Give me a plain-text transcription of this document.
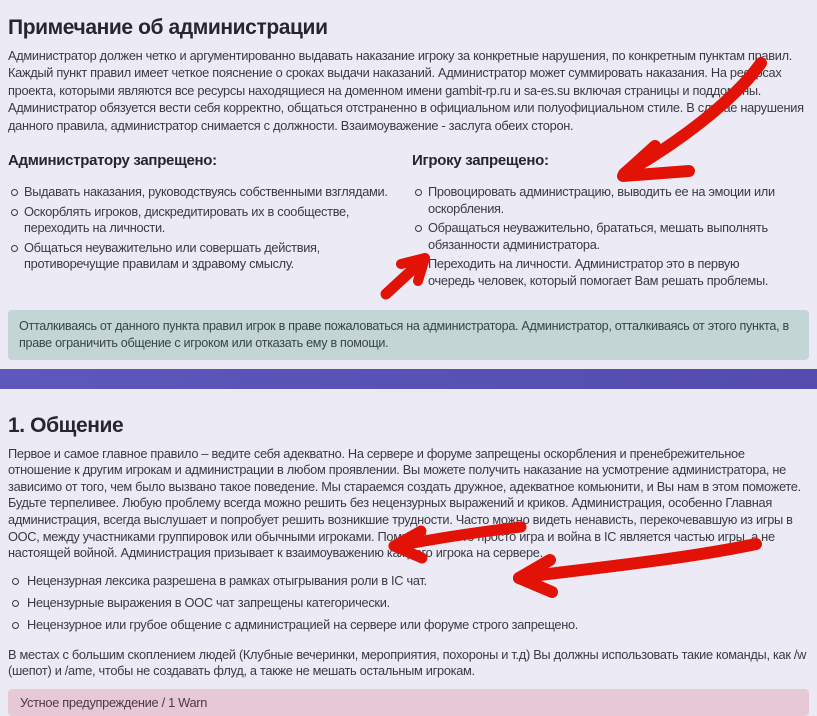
Примечание об администрации

Администратор должен четко и аргументированно выдавать наказание игроку за конкретные нарушения, по конкретным пунктам правил. Каждый пункт правил имеет четкое пояснение о сроках выдачи наказаний. Администратор может суммировать наказания. На ресурсах проекта, которыми являются все ресурсы находящиеся на доменном имени gambit-rp.ru и sa-es.su включая страницы и поддомены. Администратор обязуется вести себя корректно, общаться отстраненно в официальном или полуофициальном стиле. В случае нарушения данного правила, администратор снимается с должности. Взаимоуважение - заслуга обеих сторон.

Администратору запрещено:
Выдавать наказания, руководствуясь собственными взглядами.
Оскорблять игроков, дискредитировать их в сообществе, переходить на личности.
Общаться неуважительно или совершать действия, противоречущие правилам и здравому смыслу.
Игроку запрещено:
Провоцировать администрацию, выводить ее на эмоции или оскорбления.
Обращаться неуважительно, брататься, мешать выполнять обязанности администратора.
Переходить на личности. Администратор это в первую очередь человек, который помогает Вам решать проблемы.
Отталкиваясь от данного пункта правил игрок в праве пожаловаться на администратора. Администратор, отталкиваясь от этого пункта, в праве ограничить общение с игроком или отказать ему в помощи.
1. Общение

Первое и самое главное правило – ведите себя адекватно. На сервере и форуме запрещены оскорбления и пренебрежительное отношение к другим игрокам и администрации в любом проявлении. Вы можете получить наказание на усмотрение администратора, не зависимо от того, чем было вызвано такое поведение. Мы стараемся создать дружное, адекватное комьюнити, и Вы нам в этом поможете. Будьте терпеливее. Любую проблему всегда можно решить без нецензурных выражений и криков. Администрация, особенно Главная администрация, всегда выслушает и попробует решить возникшие трудности. Часто можно видеть ненависть, перекочевавшую из игры в ООС, между участниками группировок или обычными игроками. Помните, что это просто игра и война в IC является частью игры, а не настоящей войной. Администрация призывает к взаимоуважению каждого игрока на сервере.

Нецензурная лексика разрешена в рамках отыгрывания роли в IC чат.
Нецензурные выражения в ООС чат запрещены категорически.
Нецензурное или грубое общение с администрацией на сервере или форуме строго запрещено.

В местах с большим скоплением людей (Клубные вечеринки, мероприятия, похороны и т.д) Вы должны использовать такие команды, как /w (шепот) и /ame, чтобы не создавать флуд, а также не мешать остальным игрокам.

Устное предупреждение / 1 Warn
